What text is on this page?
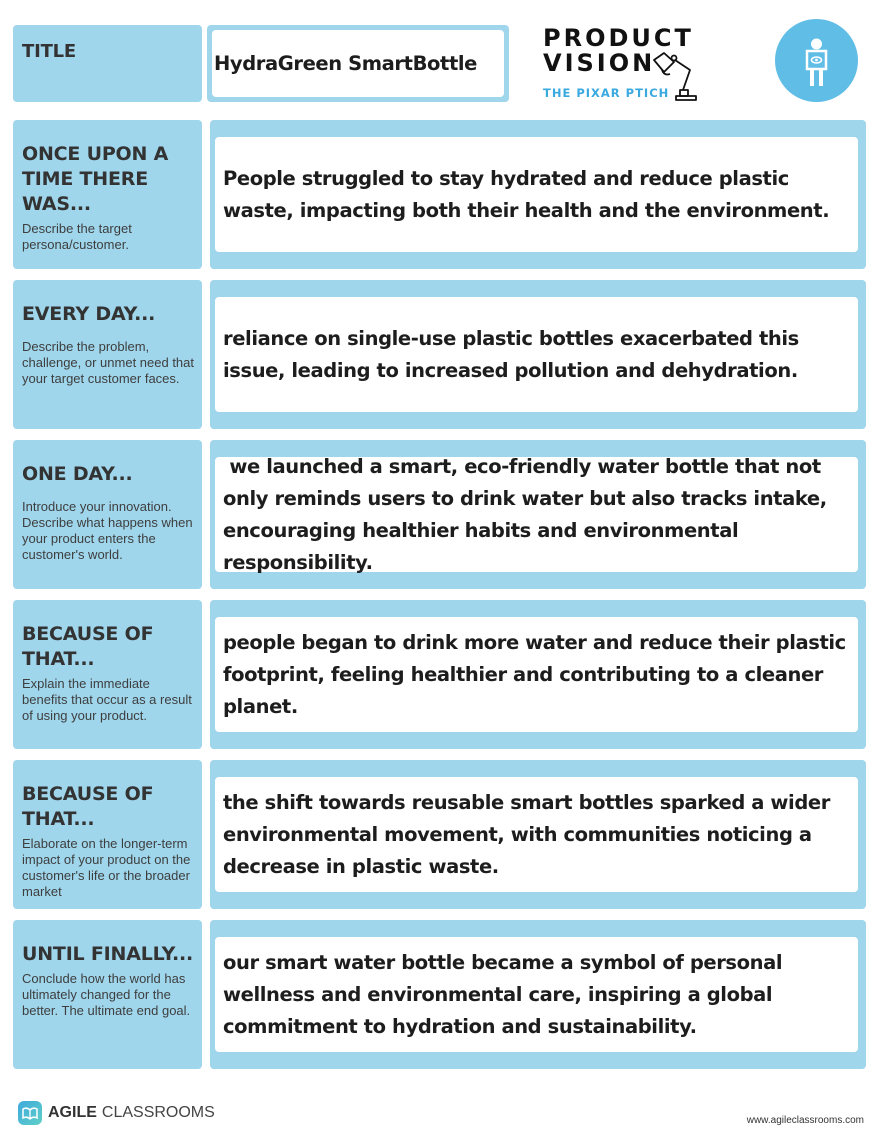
TITLE	HydraGreen SmartBottle
PRODUCT
VISION
THE PIXAR PTICH
ONCE UPON A TIME THERE WAS...
Describe the target persona/customer.
People struggled to stay hydrated and reduce plastic waste, impacting both their health and the environment.
EVERY DAY...
Describe the problem, challenge, or unmet need that your target customer faces.
reliance on single-use plastic bottles exacerbated this issue, leading to increased pollution and dehydration.
ONE DAY...
Introduce your innovation. Describe what happens when your product enters the customer's world.
we launched a smart, eco-friendly water bottle that not only reminds users to drink water but also tracks intake, encouraging healthier habits and environmental responsibility.
BECAUSE OF THAT...
Explain the immediate benefits that occur as a result of using your product.
people began to drink more water and reduce their plastic footprint, feeling healthier and contributing to a cleaner planet.
BECAUSE OF THAT...
Elaborate on the longer-term impact of your product on the customer's life or the broader market
the shift towards reusable smart bottles sparked a wider environmental movement, with communities noticing a decrease in plastic waste.
UNTIL FINALLY...
Conclude how the world has ultimately changed for the better. The ultimate end goal.
our smart water bottle became a symbol of personal wellness and environmental care, inspiring a global commitment to hydration and sustainability.
AGILE CLASSROOMS	www.agileclassrooms.com
